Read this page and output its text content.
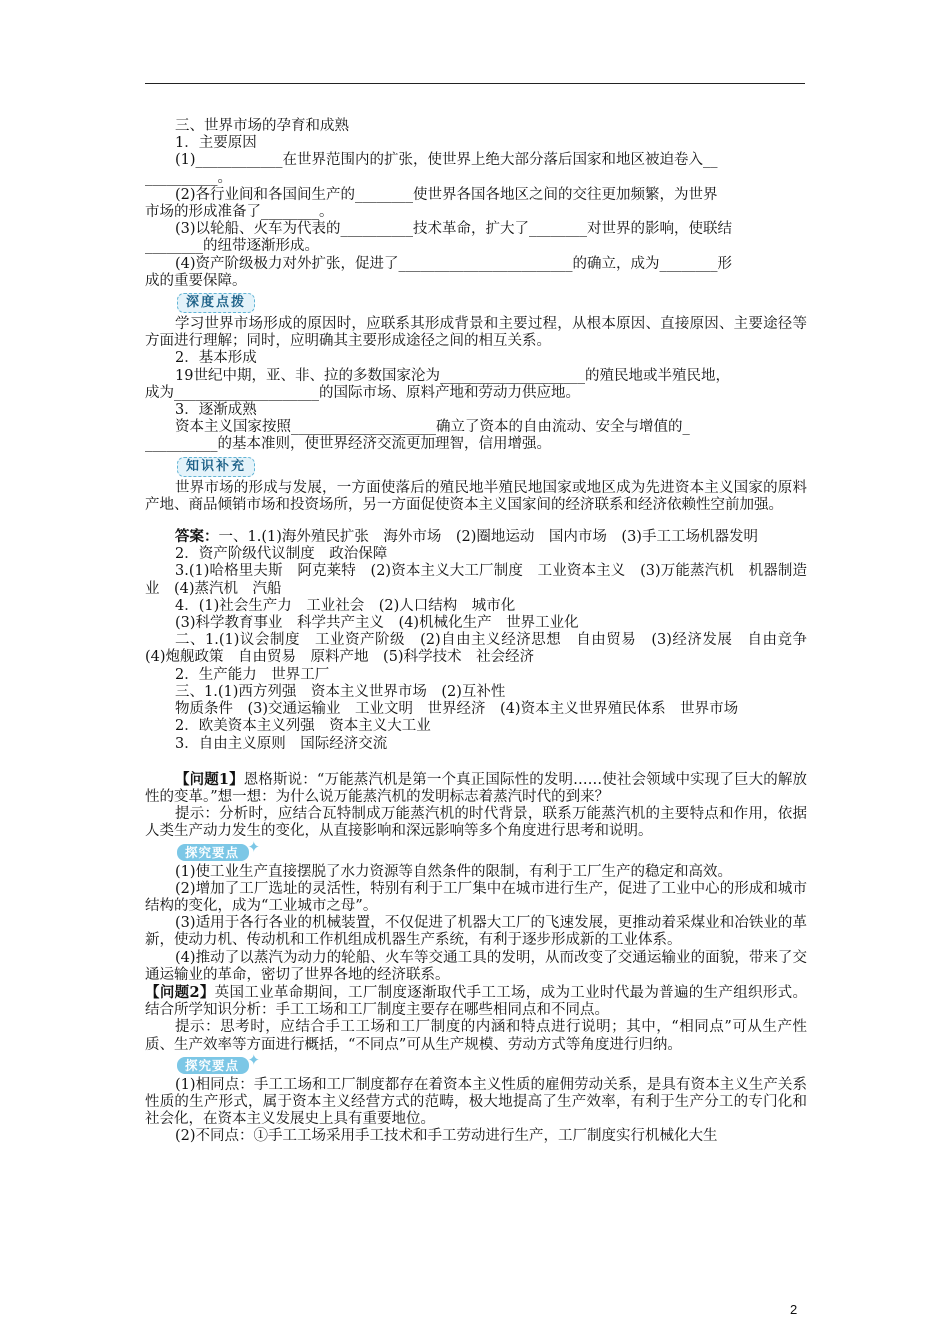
三、世界市场的孕育和成熟

1．主要原因

(1)____________在世界范围内的扩张，使世界上绝大部分落后国家和地区被迫卷入__

__________。

(2)各行业间和各国间生产的________使世界各国各地区之间的交往更加频繁，为世界

市场的形成准备了________。

(3)以轮船、火车为代表的__________技术革命，扩大了________对世界的影响，使联结

________的纽带逐渐形成。

(4)资产阶级极力对外扩张，促进了________________________的确立，成为________形

成的重要保障。

深度点拨

学习世界市场形成的原因时，应联系其形成背景和主要过程，从根本原因、直接原因、主要途径等方面进行理解；同时，应明确其主要形成途径之间的相互关系。

2．基本形成

19世纪中期，亚、非、拉的多数国家沦为____________________的殖民地或半殖民地，

成为____________________的国际市场、原料产地和劳动力供应地。

3．逐渐成熟

资本主义国家按照____________________确立了资本的自由流动、安全与增值的_

__________的基本准则，使世界经济交流更加理智，信用增强。

知识补充

世界市场的形成与发展，一方面使落后的殖民地半殖民地国家或地区成为先进资本主义国家的原料产地、商品倾销市场和投资场所，另一方面促使资本主义国家间的经济联系和经济依赖性空前加强。

答案：一、1.(1)海外殖民扩张　海外市场　(2)圈地运动　国内市场　(3)手工工场机器发明

2．资产阶级代议制度　政治保障

3.(1)哈格里夫斯　阿克莱特　(2)资本主义大工厂制度　工业资本主义　(3)万能蒸汽机　机器制造业　(4)蒸汽机　汽船

4．(1)社会生产力　工业社会　(2)人口结构　城市化

(3)科学教育事业　科学共产主义　(4)机械化生产　世界工业化

二、1.(1)议会制度　工业资产阶级　(2)自由主义经济思想　自由贸易　(3)经济发展　自由竞争　(4)炮舰政策　自由贸易　原料产地　(5)科学技术　社会经济

2．生产能力　世界工厂

三、1.(1)西方列强　资本主义世界市场　(2)互补性

物质条件　(3)交通运输业　工业文明　世界经济　(4)资本主义世界殖民体系　世界市场

2．欧美资本主义列强　资本主义大工业

3．自由主义原则　国际经济交流

【问题1】恩格斯说：“万能蒸汽机是第一个真正国际性的发明……使社会领域中实现了巨大的解放性的变革。”想一想：为什么说万能蒸汽机的发明标志着蒸汽时代的到来？

提示：分析时，应结合瓦特制成万能蒸汽机的时代背景，联系万能蒸汽机的主要特点和作用，依据人类生产动力发生的变化，从直接影响和深远影响等多个角度进行思考和说明。

探究要点 ✦

(1)使工业生产直接摆脱了水力资源等自然条件的限制，有利于工厂生产的稳定和高效。

(2)增加了工厂选址的灵活性，特别有利于工厂集中在城市进行生产，促进了工业中心的形成和城市结构的变化，成为“工业城市之母”。

(3)适用于各行各业的机械装置，不仅促进了机器大工厂的飞速发展，更推动着采煤业和冶铁业的革新，使动力机、传动机和工作机组成机器生产系统，有利于逐步形成新的工业体系。

(4)推动了以蒸汽为动力的轮船、火车等交通工具的发明，从而改变了交通运输业的面貌，带来了交通运输业的革命，密切了世界各地的经济联系。

【问题2】英国工业革命期间，工厂制度逐渐取代手工工场，成为工业时代最为普遍的生产组织形式。结合所学知识分析：手工工场和工厂制度主要存在哪些相同点和不同点。

提示：思考时，应结合手工工场和工厂制度的内涵和特点进行说明；其中，“相同点”可从生产性质、生产效率等方面进行概括，“不同点”可从生产规模、劳动方式等角度进行归纳。

探究要点 ✦

(1)相同点：手工工场和工厂制度都存在着资本主义性质的雇佣劳动关系，是具有资本主义生产关系性质的生产形式，属于资本主义经营方式的范畴，极大地提高了生产效率，有利于生产分工的专门化和社会化，在资本主义发展史上具有重要地位。

(2)不同点：①手工工场采用手工技术和手工劳动进行生产，工厂制度实行机械化大生

2
